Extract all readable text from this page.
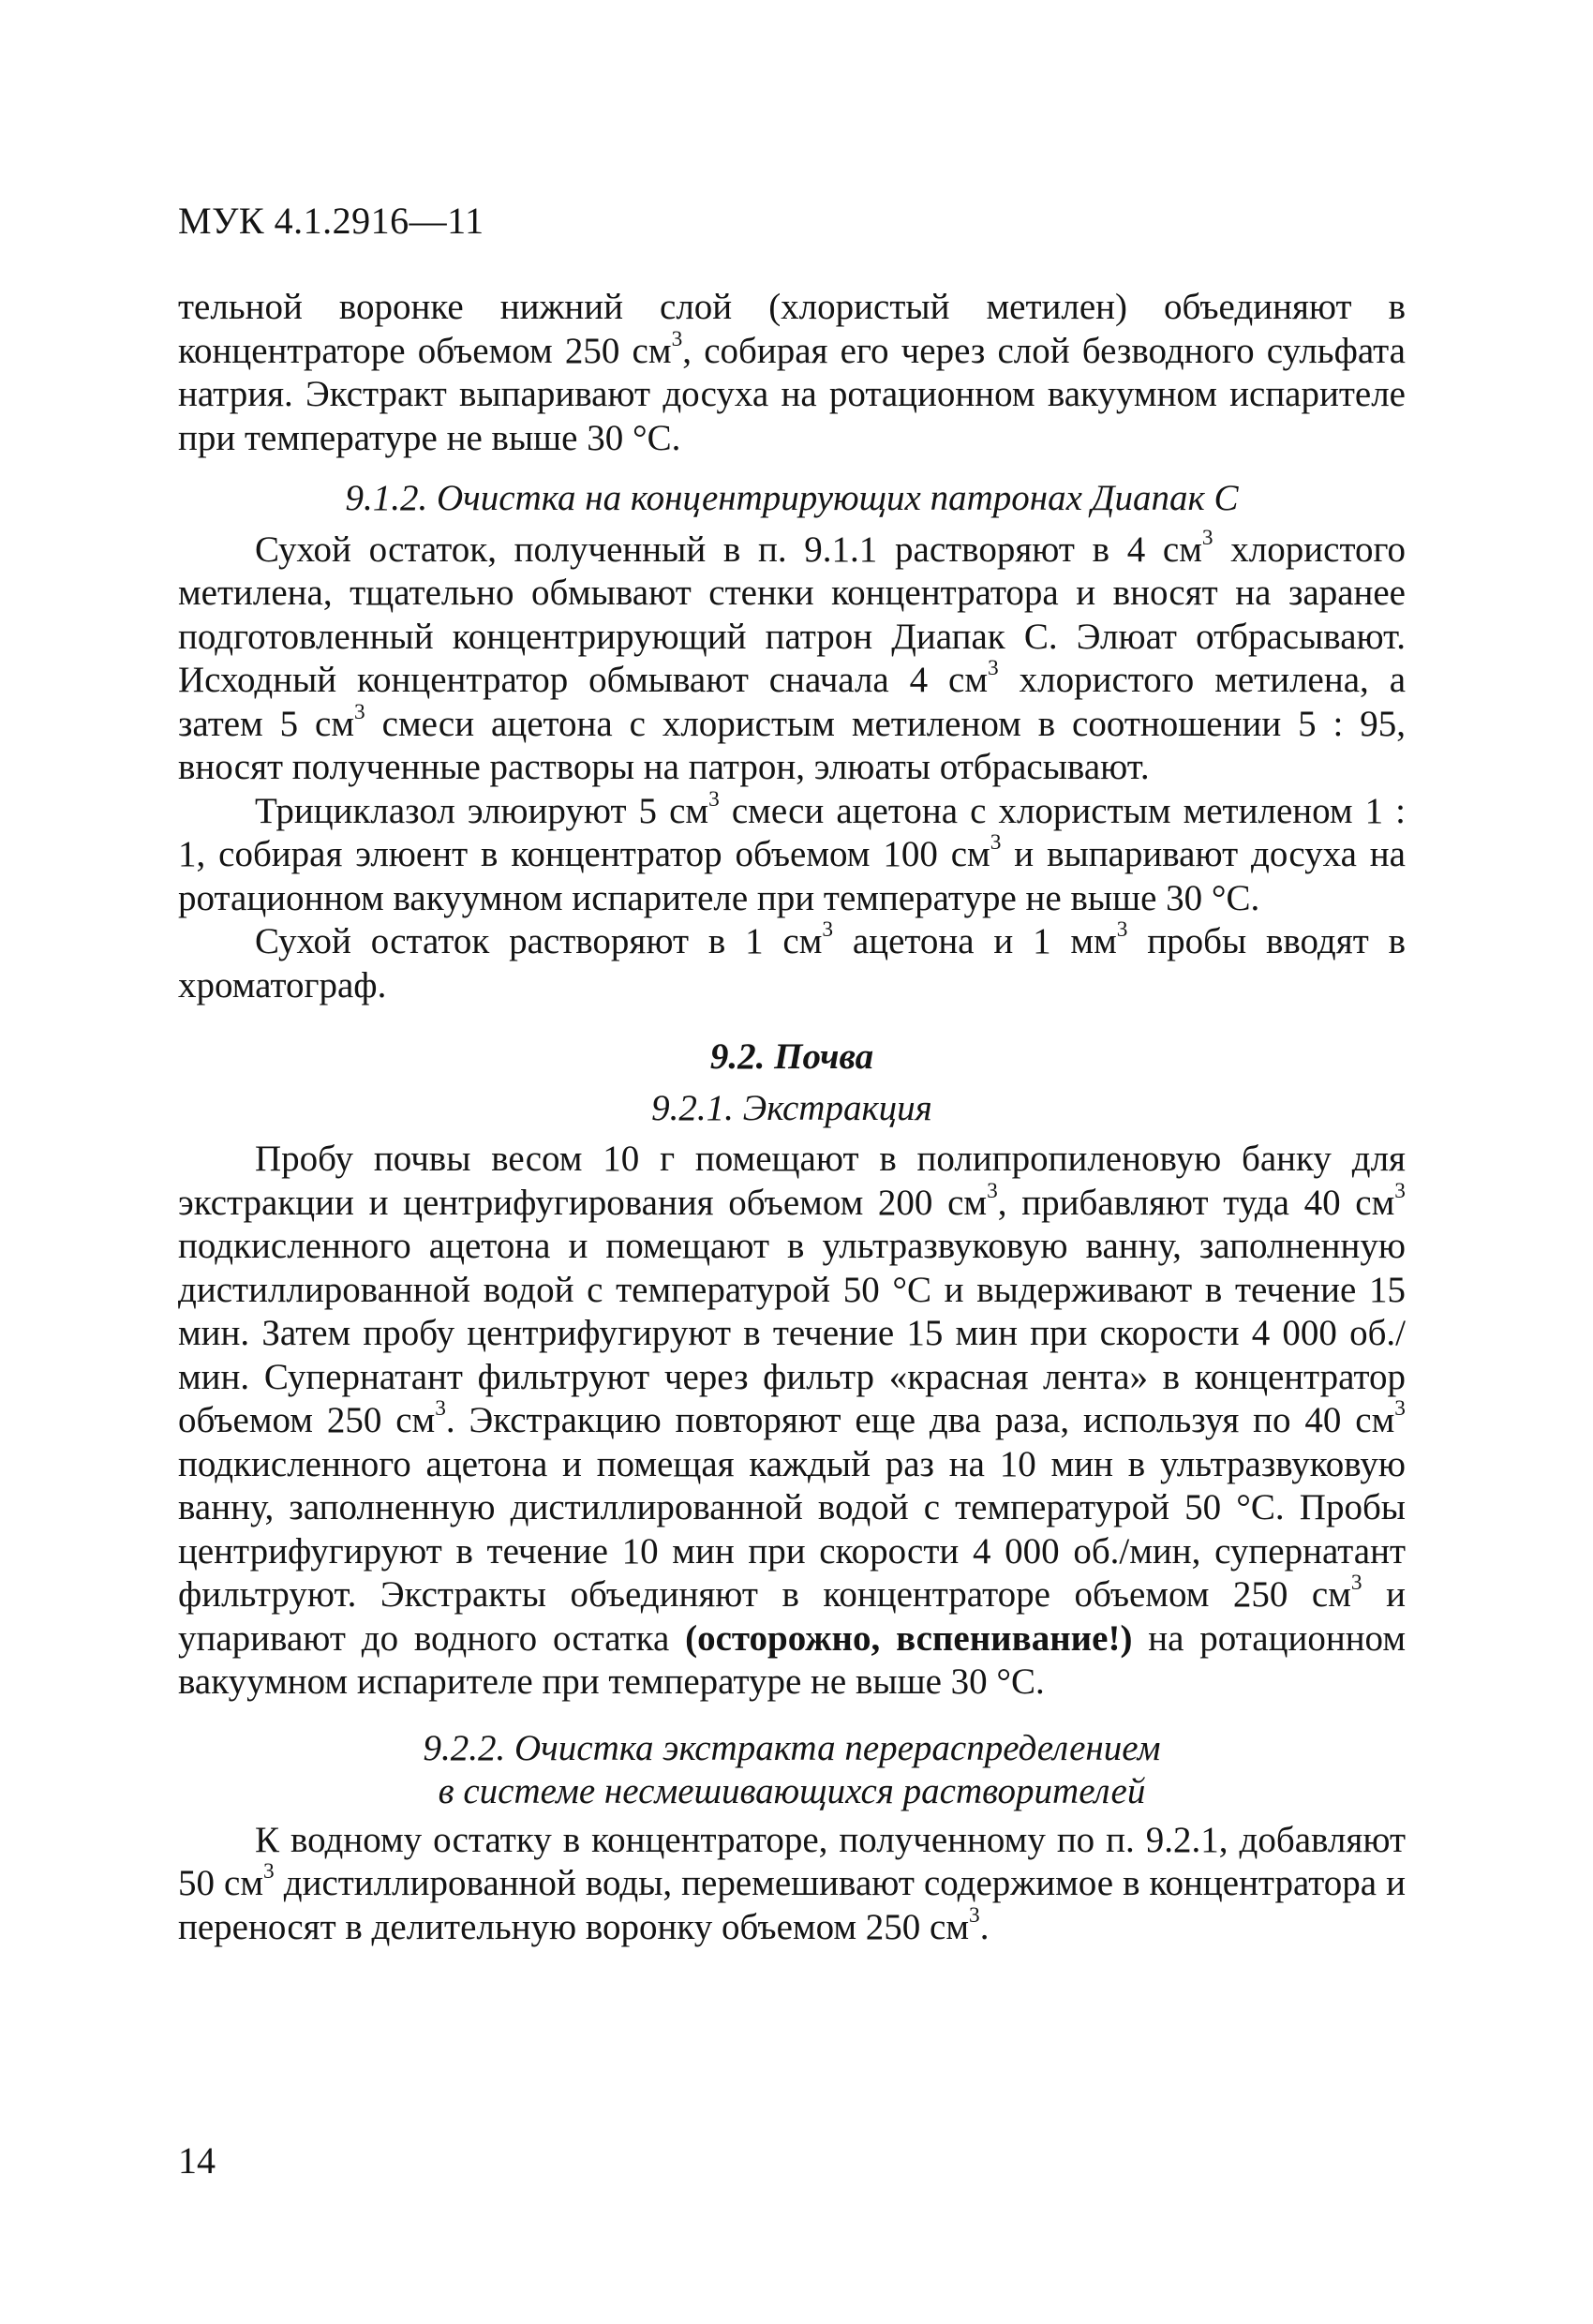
МУК 4.1.2916—11

тельной воронке нижний слой (хлористый метилен) объединяют в концентраторе объемом 250 $см^3$, собирая его через слой безводного сульфата натрия. Экстракт выпаривают досуха на ротационном вакуумном испарителе при температуре не выше 30 °С.

9.1.2. Очистка на концентрирующих патронах Диапак С

Сухой остаток, полученный в п. 9.1.1 растворяют в 4 $см^3$ хлористого метилена, тщательно обмывают стенки концентратора и вносят на заранее подготовленный концентрирующий патрон Диапак С. Элюат отбрасывают. Исходный концентратор обмывают сначала 4 $см^3$ хлористого метилена, а затем 5 $см^3$ смеси ацетона с хлористым метиленом в соотношении 5 : 95, вносят полученные растворы на патрон, элюаты отбрасывают.

Трициклазол элюируют 5 $см^3$ смеси ацетона с хлористым метиленом 1 : 1, собирая элюент в концентратор объемом 100 $см^3$ и выпаривают досуха на ротационном вакуумном испарителе при температуре не выше 30 °С.

Сухой остаток растворяют в 1 $см^3$ ацетона и 1 $мм^3$ пробы вводят в хроматограф.

9.2. Почва
9.2.1. Экстракция

Пробу почвы весом 10 г помещают в полипропиленовую банку для экстракции и центрифугирования объемом 200 $см^3$, прибавляют туда 40 $см^3$ подкисленного ацетона и помещают в ультразвуковую ванну, заполненную дистиллированной водой с температурой 50 °С и выдерживают в течение 15 мин. Затем пробу центрифугируют в течение 15 мин при скорости 4 000 об./мин. Супернатант фильтруют через фильтр «красная лента» в концентратор объемом 250 $см^3$. Экстракцию повторяют еще два раза, используя по 40 $см^3$ подкисленного ацетона и помещая каждый раз на 10 мин в ультразвуковую ванну, заполненную дистиллированной водой с температурой 50 °С. Пробы центрифугируют в течение 10 мин при скорости 4 000 об./мин, супернатант фильтруют. Экстракты объединяют в концентраторе объемом 250 $см^3$ и упаривают до водного остатка (осторожно, вспенивание!) на ротационном вакуумном испарителе при температуре не выше 30 °С.

9.2.2. Очистка экстракта перераспределением
в системе несмешивающихся растворителей

К водному остатку в концентраторе, полученному по п. 9.2.1, добавляют 50 $см^3$ дистиллированной воды, перемешивают содержимое в концентратора и переносят в делительную воронку объемом 250 $см^3$.

14
